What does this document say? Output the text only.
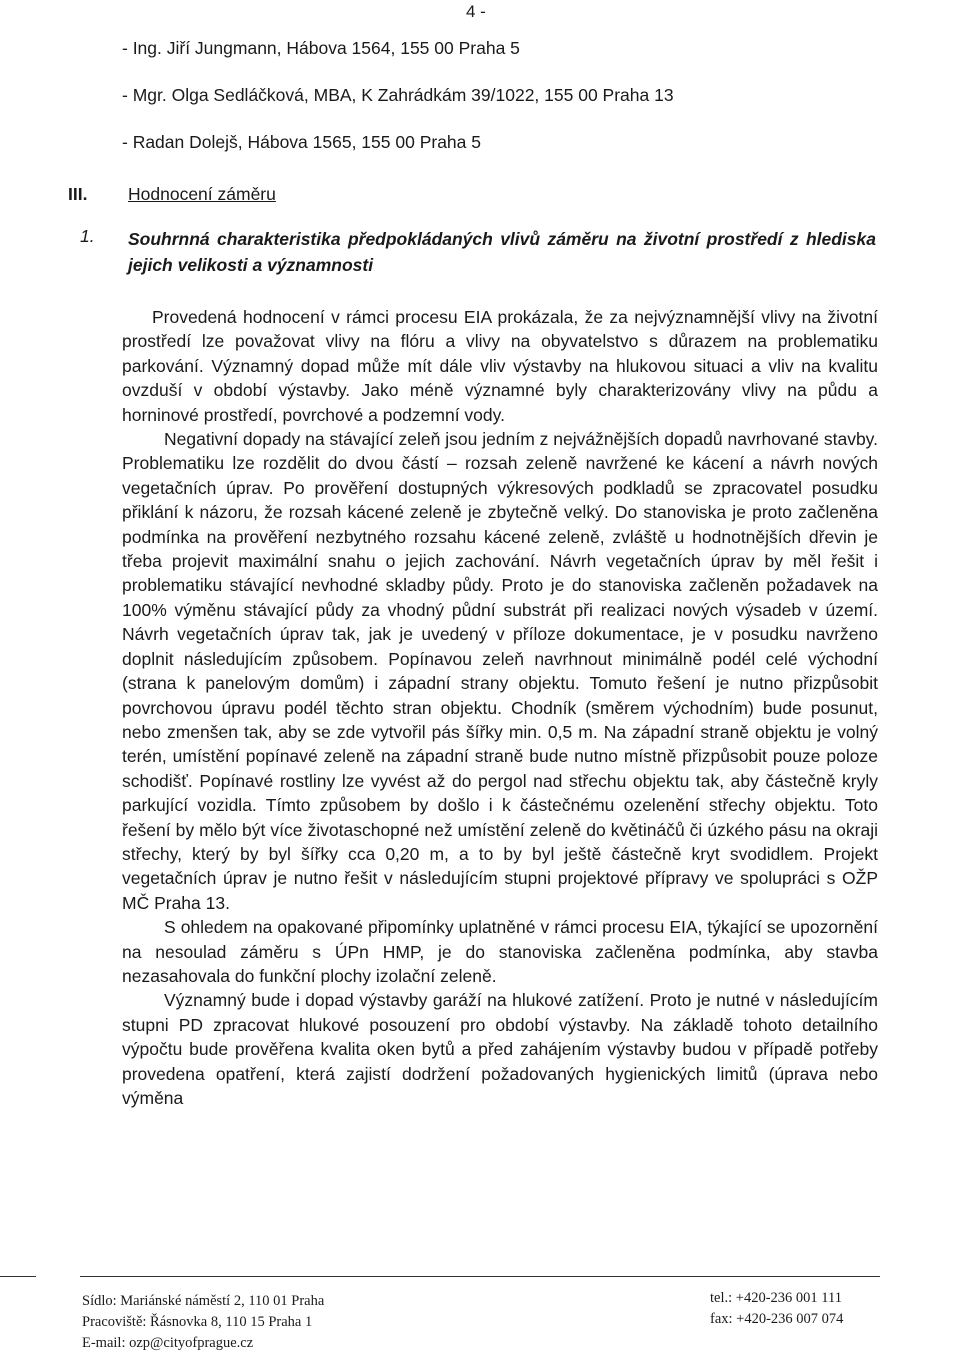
4 -
- Ing. Jiří Jungmann, Hábova 1564, 155 00 Praha 5
- Mgr. Olga Sedláčková, MBA, K Zahrádkám 39/1022, 155 00 Praha 13
- Radan Dolejš, Hábova 1565, 155 00 Praha 5
III. Hodnocení záměru
1. Souhrnná charakteristika předpokládaných vlivů záměru na životní prostředí z hlediska jejich velikosti a významnosti

Provedená hodnocení v rámci procesu EIA prokázala, že za nejvýznamnější vlivy na životní prostředí lze považovat vlivy na flóru a vlivy na obyvatelstvo s důrazem na problematiku parkování. Významný dopad může mít dále vliv výstavby na hlukovou situaci a vliv na kvalitu ovzduší v období výstavby. Jako méně významné byly charakterizovány vlivy na půdu a horninové prostředí, povrchové a podzemní vody.

Negativní dopady na stávající zeleň jsou jedním z nejvážnějších dopadů navrhované stavby. Problematiku lze rozdělit do dvou částí – rozsah zeleně navržené ke kácení a návrh nových vegetačních úprav. Po prověření dostupných výkresových podkladů se zpracovatel posudku přiklání k názoru, že rozsah kácené zeleně je zbytečně velký. Do stanoviska je proto začleněna podmínka na prověření nezbytného rozsahu kácené zeleně, zvláště u hodnotnějších dřevin je třeba projevit maximální snahu o jejich zachování. Návrh vegetačních úprav by měl řešit i problematiku stávající nevhodné skladby půdy. Proto je do stanoviska začleněn požadavek na 100% výměnu stávající půdy za vhodný půdní substrát při realizaci nových výsadeb v území. Návrh vegetačních úprav tak, jak je uvedený v příloze dokumentace, je v posudku navrženo doplnit následujícím způsobem. Popínavou zeleň navrhnout minimálně podél celé východní (strana k panelovým domům) i západní strany objektu. Tomuto řešení je nutno přizpůsobit povrchovou úpravu podél těchto stran objektu. Chodník (směrem východním) bude posunut, nebo zmenšen tak, aby se zde vytvořil pás šířky min. 0,5 m. Na západní straně objektu je volný terén, umístění popínavé zeleně na západní straně bude nutno místně přizpůsobit pouze poloze schodišť. Popínavé rostliny lze vyvést až do pergol nad střechu objektu tak, aby částečně kryly parkující vozidla. Tímto způsobem by došlo i k částečnému ozelenění střechy objektu. Toto řešení by mělo být více životaschopné než umístění zeleně do květináčů či úzkého pásu na okraji střechy, který by byl šířky cca 0,20 m, a to by byl ještě částečně kryt svodidlem. Projekt vegetačních úprav je nutno řešit v následujícím stupni projektové přípravy ve spolupráci s OŽP MČ Praha 13.

S ohledem na opakované připomínky uplatněné v rámci procesu EIA, týkající se upozornění na nesoulad záměru s ÚPn HMP, je do stanoviska začleněna podmínka, aby stavba nezasahovala do funkční plochy izolační zeleně.

Významný bude i dopad výstavby garáží na hlukové zatížení. Proto je nutné v následujícím stupni PD zpracovat hlukové posouzení pro období výstavby. Na základě tohoto detailního výpočtu bude prověřena kvalita oken bytů a před zahájením výstavby budou v případě potřeby provedena opatření, která zajistí dodržení požadovaných hygienických limitů (úprava nebo výměna

Sídlo: Mariánské náměstí 2, 110 01 Praha
Pracoviště: Řásnovka 8, 110 15 Praha 1
E-mail: ozp@cityofprague.cz
tel.: +420-236 001 111
fax: +420-236 007 074
